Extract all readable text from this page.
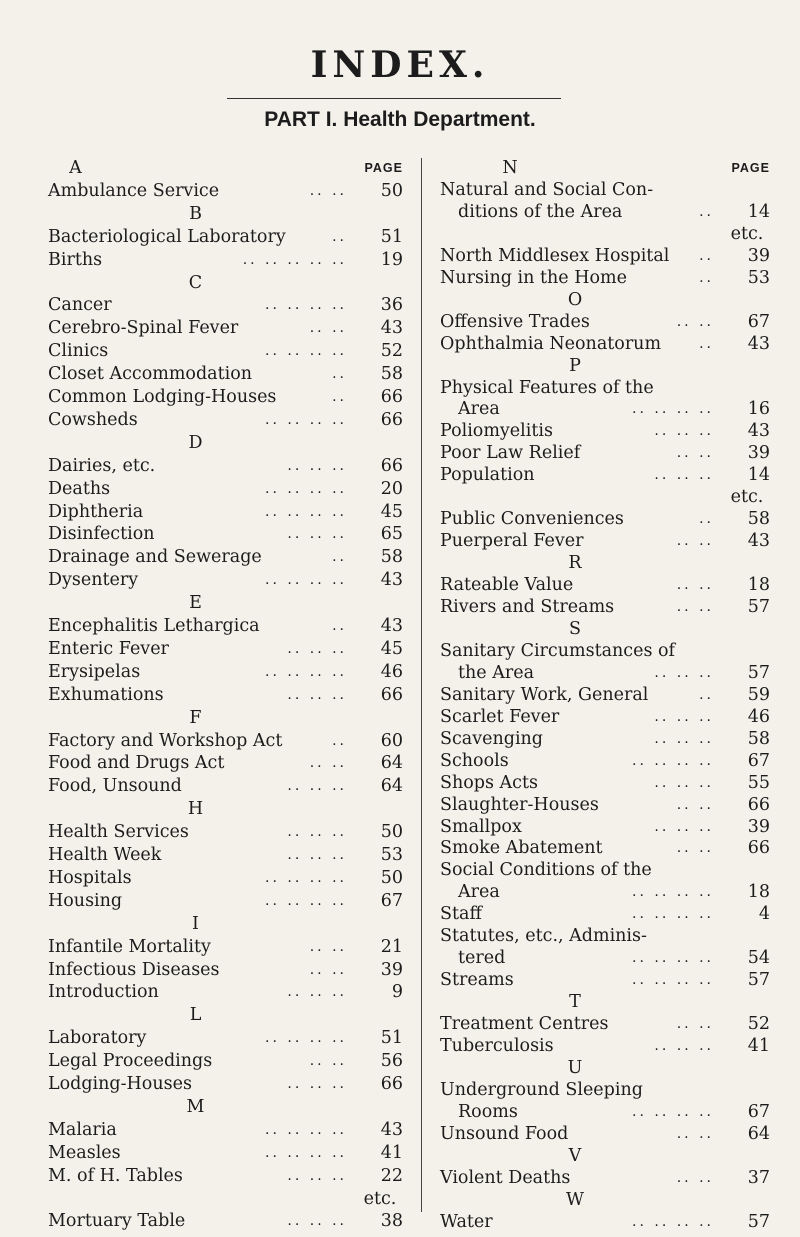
INDEX.
PART I. Health Department.
A	PAGE
Ambulance Service	50
.. ..
B
Bacteriological Laboratory	51
..
Births	19
.. .. .. .. ..
C
Cancer	36
.. .. .. ..
Cerebro-Spinal Fever	43
.. ..
Clinics	52
.. .. .. ..
Closet Accommodation	58
..
Common Lodging-Houses	66
..
Cowsheds	66
.. .. .. ..
D
Dairies, etc.	66
.. .. ..
Deaths	20
.. .. .. ..
Diphtheria	45
.. .. .. ..
Disinfection	65
.. .. ..
Drainage and Sewerage	58
..
Dysentery	43
.. .. .. ..
E
Encephalitis Lethargica	43
..
Enteric Fever	45
.. .. ..
Erysipelas	46
.. .. .. ..
Exhumations	66
.. .. ..
F
Factory and Workshop Act	60
..
Food and Drugs Act	64
.. ..
Food, Unsound	64
.. .. ..
H
Health Services	50
.. .. ..
Health Week	53
.. .. ..
Hospitals	50
.. .. .. ..
Housing	67
.. .. .. ..
I
Infantile Mortality	21
.. ..
Infectious Diseases	39
.. ..
Introduction	9
.. .. ..
L
Laboratory	51
.. .. .. ..
Legal Proceedings	56
.. ..
Lodging-Houses	66
.. .. ..
M
Malaria	43
.. .. .. ..
Measles	41
.. .. .. ..
M. of H. Tables	22
.. .. ..
etc.
Mortuary Table	38
.. .. ..
N	PAGE
Natural and Social Con-
ditions of the Area	14
..
etc.
North Middlesex Hospital	39
..
Nursing in the Home	53
..
O
Offensive Trades	67
.. ..
Ophthalmia Neonatorum	43
..
P
Physical Features of the
Area	16
.. .. .. ..
Poliomyelitis	43
.. .. ..
Poor Law Relief	39
.. ..
Population	14
.. .. ..
etc.
Public Conveniences	58
..
Puerperal Fever	43
.. ..
R
Rateable Value	18
.. ..
Rivers and Streams	57
.. ..
S
Sanitary Circumstances of
the Area	57
.. .. ..
Sanitary Work, General	59
..
Scarlet Fever	46
.. .. ..
Scavenging	58
.. .. ..
Schools	67
.. .. .. ..
Shops Acts	55
.. .. ..
Slaughter-Houses	66
.. ..
Smallpox	39
.. .. ..
Smoke Abatement	66
.. ..
Social Conditions of the
Area	18
.. .. .. ..
Staff	4
.. .. .. ..
Statutes, etc., Adminis-
tered	54
.. .. .. ..
Streams	57
.. .. .. ..
T
Treatment Centres	52
.. ..
Tuberculosis	41
.. .. ..
U
Underground Sleeping
Rooms	67
.. .. .. ..
Unsound Food	64
.. ..
V
Violent Deaths	37
.. ..
W
Water	57
.. .. .. ..
